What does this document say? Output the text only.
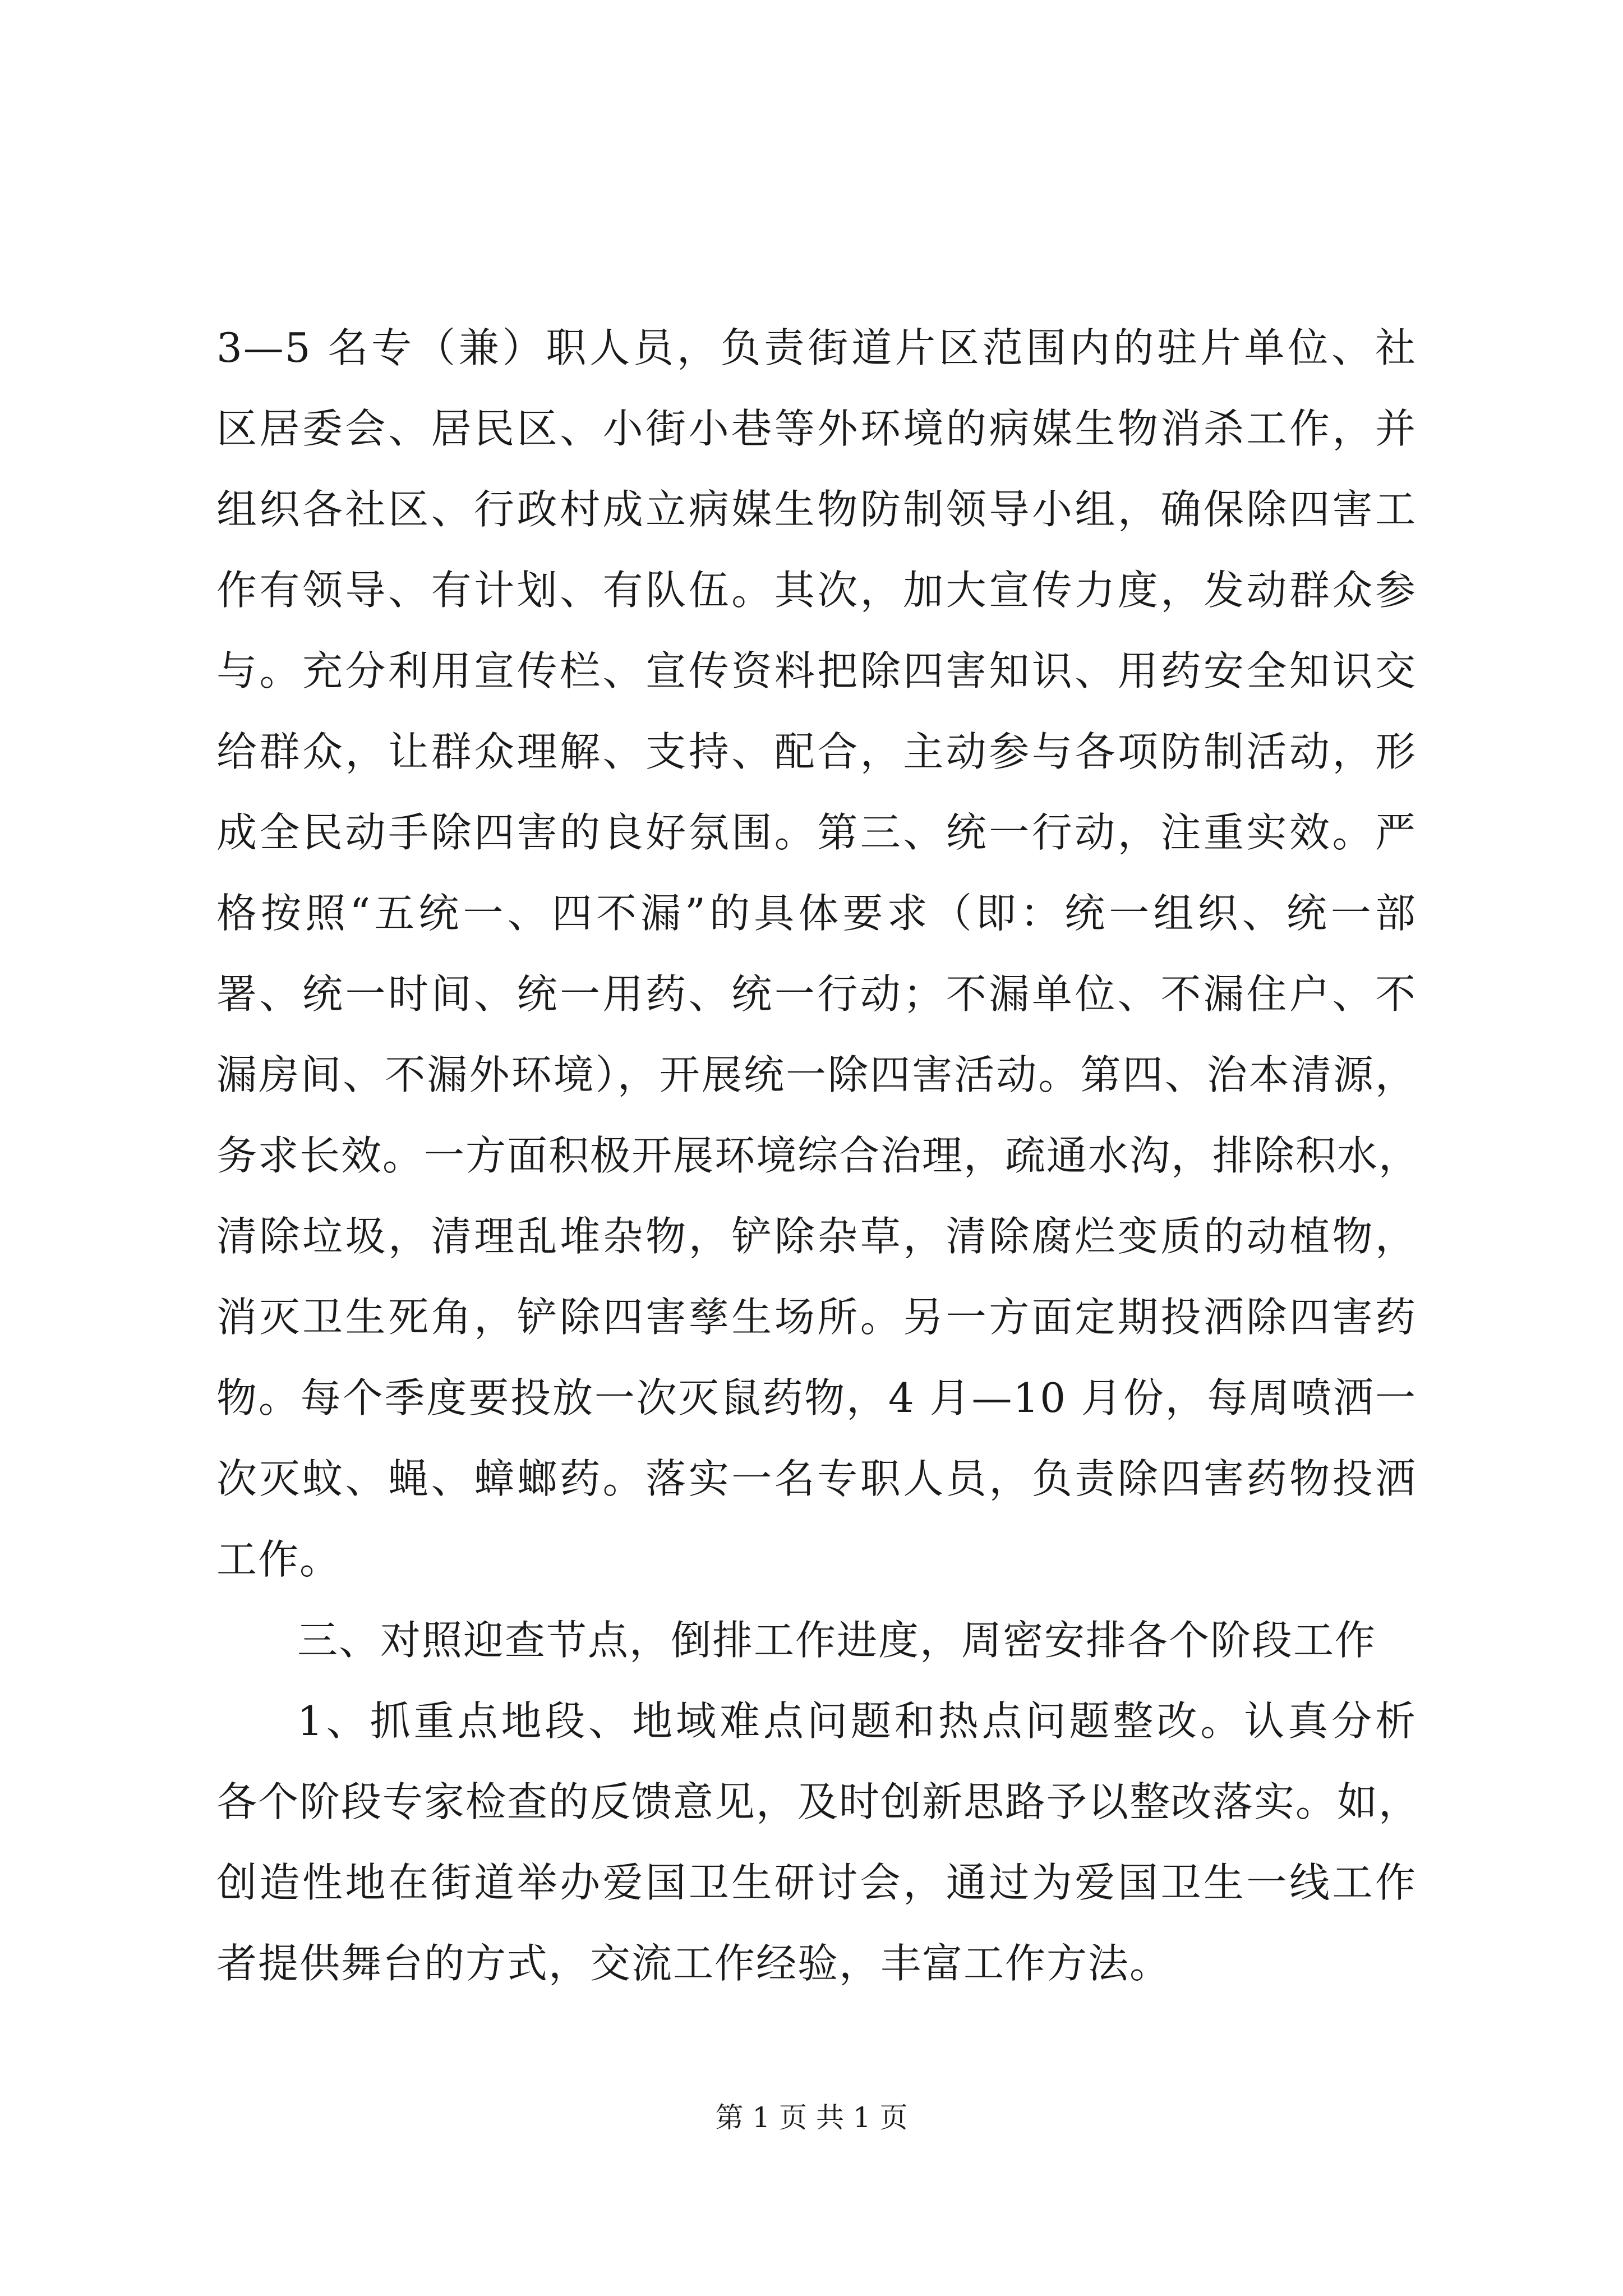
3—5 名专（兼）职人员，负责街道片区范围内的驻片单位、社
区居委会、居民区、小街小巷等外环境的病媒生物消杀工作，并
组织各社区、行政村成立病媒生物防制领导小组，确保除四害工
作有领导、有计划、有队伍。其次，加大宣传力度，发动群众参
与。充分利用宣传栏、宣传资料把除四害知识、用药安全知识交
给群众，让群众理解、支持、配合，主动参与各项防制活动，形
成全民动手除四害的良好氛围。第三、统一行动，注重实效。严
格按照“五统一、四不漏”的具体要求（即：统一组织、统一部
署、统一时间、统一用药、统一行动；不漏单位、不漏住户、不
漏房间、不漏外环境），开展统一除四害活动。第四、治本清源，
务求长效。一方面积极开展环境综合治理，疏通水沟，排除积水，
清除垃圾，清理乱堆杂物，铲除杂草，清除腐烂变质的动植物，
消灭卫生死角，铲除四害孳生场所。另一方面定期投洒除四害药
物。每个季度要投放一次灭鼠药物，4 月—10 月份，每周喷洒一
次灭蚊、蝇、蟑螂药。落实一名专职人员，负责除四害药物投洒
工作。
三、对照迎查节点，倒排工作进度，周密安排各个阶段工作
1、抓重点地段、地域难点问题和热点问题整改。认真分析
各个阶段专家检查的反馈意见，及时创新思路予以整改落实。如，
创造性地在街道举办爱国卫生研讨会，通过为爱国卫生一线工作
者提供舞台的方式，交流工作经验，丰富工作方法。
第 1 页 共 1 页
